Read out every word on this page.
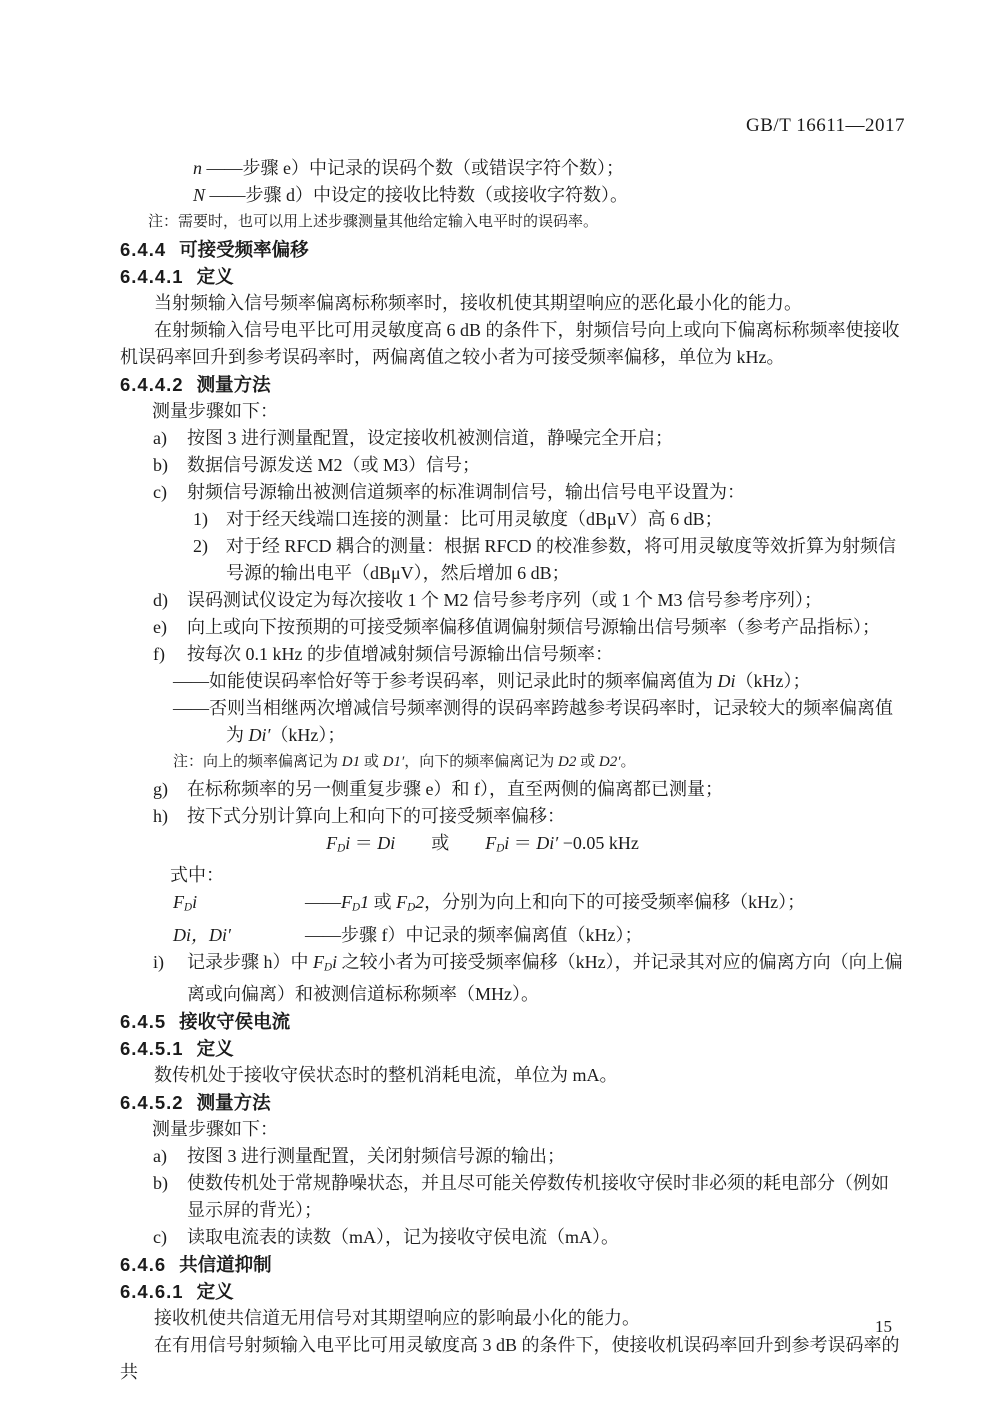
GB/T 16611—2017
n ——步骤 e）中记录的误码个数（或错误字符个数）；
N ——步骤 d）中设定的接收比特数（或接收字符数）。
注：需要时，也可以用上述步骤测量其他给定输入电平时的误码率。
6.4.4 可接受频率偏移
6.4.4.1 定义

当射频输入信号频率偏离标称频率时，接收机使其期望响应的恶化最小化的能力。

在射频输入信号电平比可用灵敏度高 6 dB 的条件下，射频信号向上或向下偏离标称频率使接收机误码率回升到参考误码率时，两偏离值之较小者为可接受频率偏移，单位为 kHz。

6.4.4.2 测量方法

测量步骤如下：

a) 按图 3 进行测量配置，设定接收机被测信道，静噪完全开启；
b) 数据信号源发送 M2（或 M3）信号；
c) 射频信号源输出被测信道频率的标准调制信号，输出信号电平设置为：
1) 对于经天线端口连接的测量：比可用灵敏度（dBμV）高 6 dB；
2) 对于经 RFCD 耦合的测量：根据 RFCD 的校准参数，将可用灵敏度等效折算为射频信号源的输出电平（dBμV），然后增加 6 dB；
d) 误码测试仪设定为每次接收 1 个 M2 信号参考序列（或 1 个 M3 信号参考序列）；
e) 向上或向下按预期的可接受频率偏移值调偏射频信号源输出信号频率（参考产品指标）；
f) 按每次 0.1 kHz 的步值增减射频信号源输出信号频率：
——如能使误码率恰好等于参考误码率，则记录此时的频率偏离值为 Di（kHz）；
——否则当相继两次增减信号频率测得的误码率跨越参考误码率时，记录较大的频率偏离值为 Di′（kHz）；
注：向上的频率偏离记为 D1 或 D1′，向下的频率偏离记为 D2 或 D2′。
g) 在标称频率的另一侧重复步骤 e）和 f），直至两侧的偏离都已测量；
h) 按下式分别计算向上和向下的可接受频率偏移：
$F_Di = Di$　　或　　$F_Di = Di' -0.05$ kHz
式中：
$F_Di$	$——F_D1$ 或 $F_D2$，分别为向上和向下的可接受频率偏移（kHz）；
Di，Di′	——步骤 f）中记录的频率偏离值（kHz）；
i) 记录步骤 h）中 $F_Di$ 之较小者为可接受频率偏移（kHz），并记录其对应的偏离方向（向上偏离或向偏离）和被测信道标称频率（MHz）。
6.4.5 接收守侯电流
6.4.5.1 定义

数传机处于接收守侯状态时的整机消耗电流，单位为 mA。

6.4.5.2 测量方法

测量步骤如下：

a) 按图 3 进行测量配置，关闭射频信号源的输出；
b) 使数传机处于常规静噪状态，并且尽可能关停数传机接收守侯时非必须的耗电部分（例如显示屏的背光）；
c) 读取电流表的读数（mA），记为接收守侯电流（mA）。
6.4.6 共信道抑制
6.4.6.1 定义

接收机使共信道无用信号对其期望响应的影响最小化的能力。

在有用信号射频输入电平比可用灵敏度高 3 dB 的条件下，使接收机误码率回升到参考误码率的共

15
